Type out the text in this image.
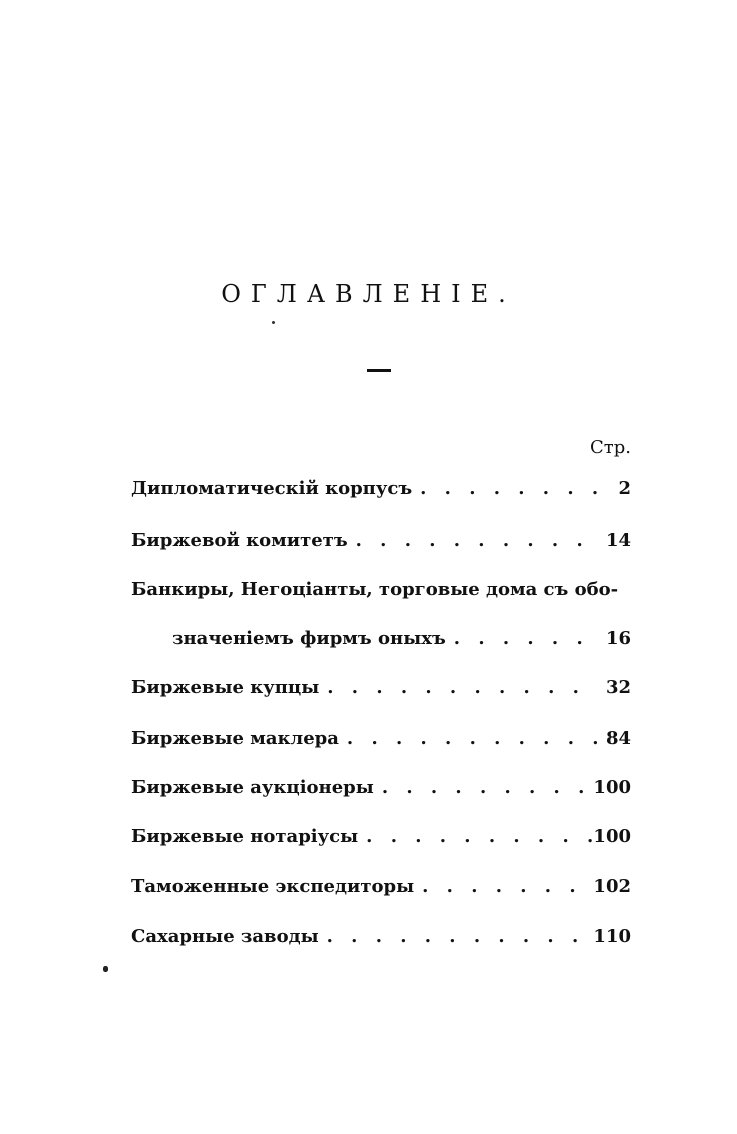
ОГЛАВЛЕНIЕ.
Стр.
Дипломатическiй корпусъ . . .	2
Биржевой комитетъ . . .	14
Банкиры, Негоцiанты, торговые дома съ обо-
значенiемъ фирмъ оныхъ . . .	16
Биржевые купцы . . .	32
Биржевые маклера . . .	84
Биржевые аукцiонеры . . .	100
Биржевые нотарiусы . . .	100
Таможенные экспедиторы . . .	102
Сахарные заводы . . .	110
